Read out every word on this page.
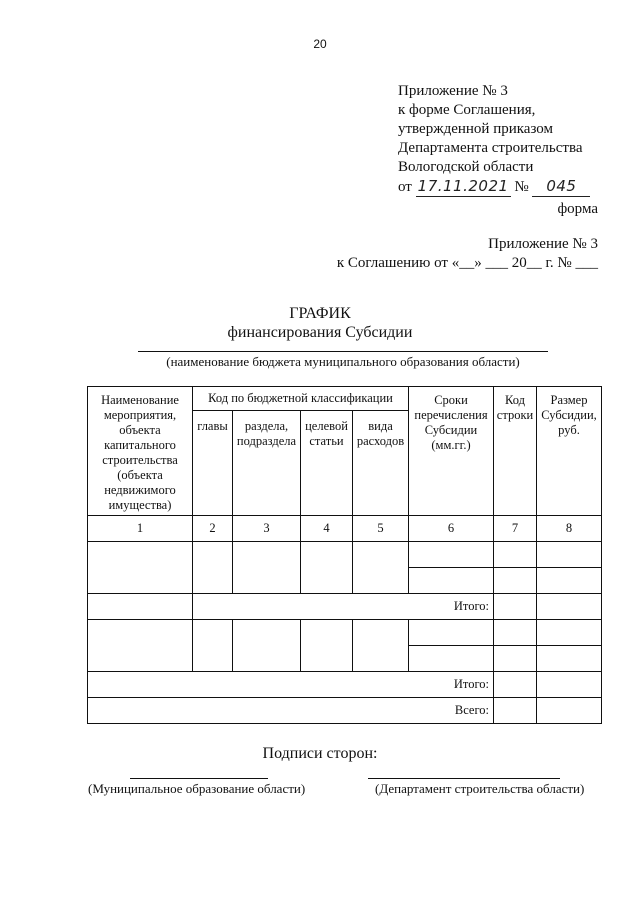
20
Приложение № 3
к форме Соглашения,
утвержденной приказом
Департамента строительства
Вологодской области
от 17.11.2021 № 045
форма
Приложение № 3
к Соглашению от «__» ___ 20__ г. № ___
ГРАФИК
финансирования Субсидии
(наименование бюджета муниципального образования области)
Наименование мероприятия, объекта капитального строительства (объекта недвижимого имущества)	Код по бюджетной классификации				Сроки перечисления Субсидии (мм.гг.)	Код строки	Размер Субсидии, руб.
	главы	раздела, подраздела	целевой статьи	вида расходов			
1	2	3	4	5	6	7	8

	Итого:						

Итого:							
Всего:							
Подписи сторон:
(Муниципальное образование области)	(Департамент строительства области)
